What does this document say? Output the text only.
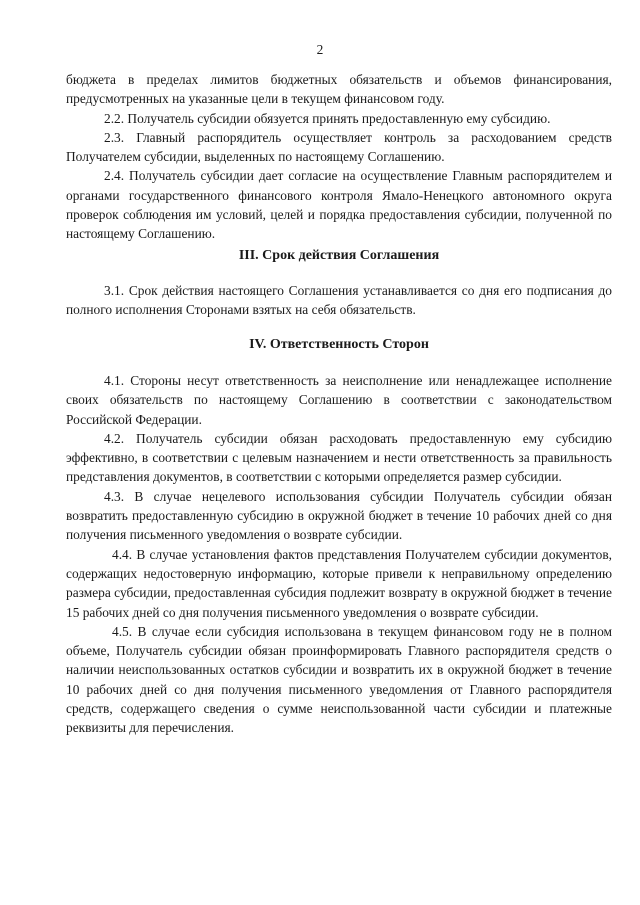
2

бюджета в пределах лимитов бюджетных обязательств и объемов финансирования, предусмотренных на указанные цели в текущем финансовом году.

2.2. Получатель субсидии обязуется принять предоставленную ему субсидию.

2.3. Главный распорядитель осуществляет контроль за расходованием средств Получателем субсидии, выделенных по настоящему Соглашению.

2.4. Получатель субсидии дает согласие на осуществление Главным распорядителем и органами государственного финансового контроля Ямало-Ненецкого автономного округа проверок соблюдения им условий, целей и порядка предоставления субсидии, полученной по настоящему Соглашению.

III. Срок действия Соглашения

3.1. Срок действия настоящего Соглашения устанавливается со дня его подписания до полного исполнения Сторонами взятых на себя обязательств.

IV. Ответственность Сторон

4.1. Стороны несут ответственность за неисполнение или ненадлежащее исполнение своих обязательств по настоящему Соглашению в соответствии с законодательством Российской Федерации.

4.2. Получатель субсидии обязан расходовать предоставленную ему субсидию эффективно, в соответствии с целевым назначением и нести ответственность за правильность представления документов, в соответствии с которыми определяется размер субсидии.

4.3. В случае нецелевого использования субсидии Получатель субсидии обязан возвратить предоставленную субсидию в окружной бюджет в течение 10 рабочих дней со дня получения письменного уведомления о возврате субсидии.

4.4. В случае установления фактов представления Получателем субсидии документов, содержащих недостоверную информацию, которые привели к неправильному определению размера субсидии, предоставленная субсидия подлежит возврату в окружной бюджет в течение 15 рабочих дней со дня получения письменного уведомления о возврате субсидии.

4.5. В случае если субсидия использована в текущем финансовом году не в полном объеме, Получатель субсидии обязан проинформировать Главного распорядителя средств о наличии неиспользованных остатков субсидии и возвратить их в окружной бюджет в течение 10 рабочих дней со дня получения письменного уведомления от Главного распорядителя средств, содержащего сведения о сумме неиспользованной части субсидии и платежные реквизиты для перечисления.
